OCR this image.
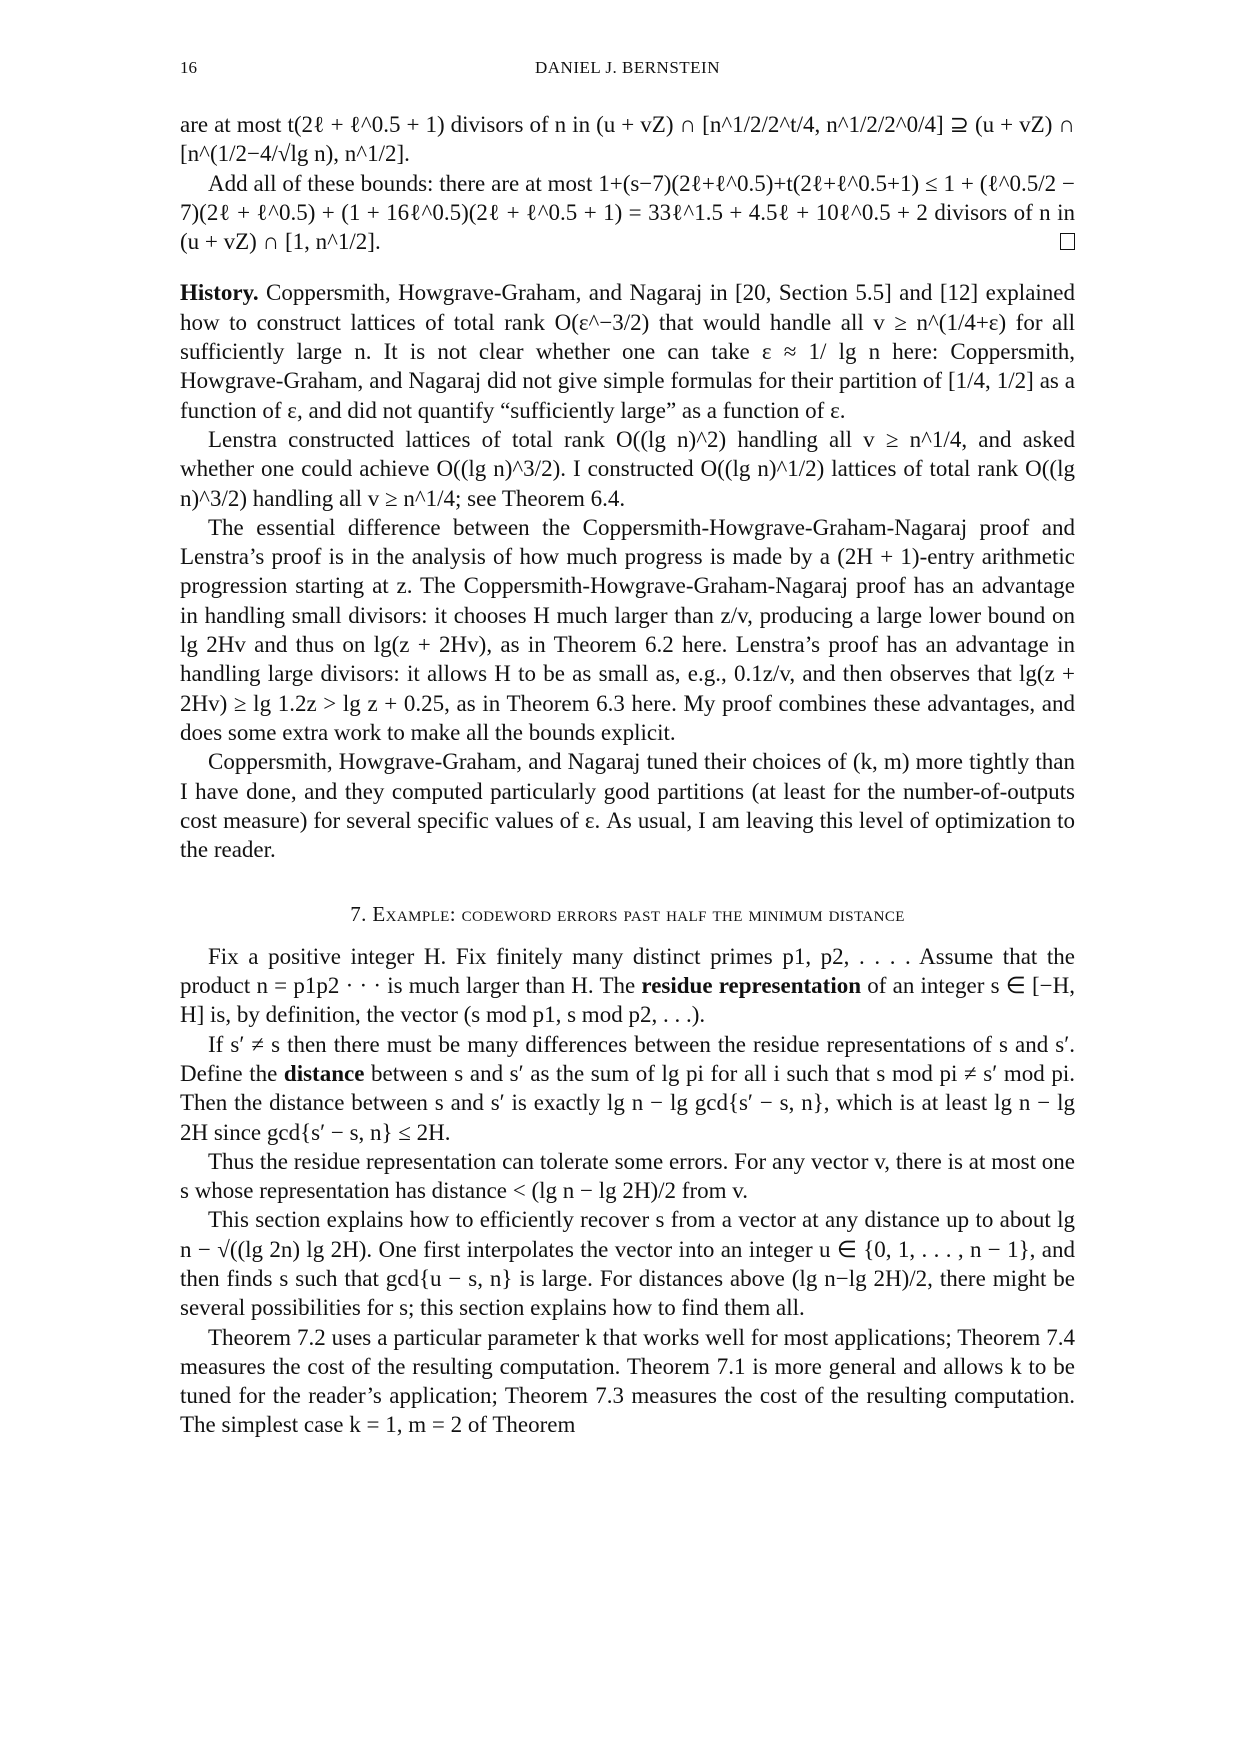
16	DANIEL J. BERNSTEIN

are at most t(2ℓ + ℓ^0.5 + 1) divisors of n in (u + vZ) ∩ [n^1/2/2^t/4, n^1/2/2^0/4] ⊇ (u + vZ) ∩ [n^(1/2−4/√lg n), n^1/2].

Add all of these bounds: there are at most 1+(s−7)(2ℓ+ℓ^0.5)+t(2ℓ+ℓ^0.5+1) ≤ 1 + (ℓ^0.5/2 − 7)(2ℓ + ℓ^0.5) + (1 + 16ℓ^0.5)(2ℓ + ℓ^0.5 + 1) = 33ℓ^1.5 + 4.5ℓ + 10ℓ^0.5 + 2 divisors of n in (u + vZ) ∩ [1, n^1/2].

History. Coppersmith, Howgrave-Graham, and Nagaraj in [20, Section 5.5] and [12] explained how to construct lattices of total rank O(ε^−3/2) that would handle all v ≥ n^(1/4+ε) for all sufficiently large n. It is not clear whether one can take ε ≈ 1/ lg n here: Coppersmith, Howgrave-Graham, and Nagaraj did not give simple formulas for their partition of [1/4, 1/2] as a function of ε, and did not quantify “sufficiently large” as a function of ε.

Lenstra constructed lattices of total rank O((lg n)^2) handling all v ≥ n^1/4, and asked whether one could achieve O((lg n)^3/2). I constructed O((lg n)^1/2) lattices of total rank O((lg n)^3/2) handling all v ≥ n^1/4; see Theorem 6.4.

The essential difference between the Coppersmith-Howgrave-Graham-Nagaraj proof and Lenstra’s proof is in the analysis of how much progress is made by a (2H + 1)-entry arithmetic progression starting at z. The Coppersmith-Howgrave-Graham-Nagaraj proof has an advantage in handling small divisors: it chooses H much larger than z/v, producing a large lower bound on lg 2Hv and thus on lg(z + 2Hv), as in Theorem 6.2 here. Lenstra’s proof has an advantage in handling large divisors: it allows H to be as small as, e.g., 0.1z/v, and then observes that lg(z + 2Hv) ≥ lg 1.2z > lg z + 0.25, as in Theorem 6.3 here. My proof combines these advantages, and does some extra work to make all the bounds explicit.

Coppersmith, Howgrave-Graham, and Nagaraj tuned their choices of (k, m) more tightly than I have done, and they computed particularly good partitions (at least for the number-of-outputs cost measure) for several specific values of ε. As usual, I am leaving this level of optimization to the reader.

7. Example: codeword errors past half the minimum distance

Fix a positive integer H. Fix finitely many distinct primes p1, p2, . . . . Assume that the product n = p1p2 · · · is much larger than H. The residue representation of an integer s ∈ [−H, H] is, by definition, the vector (s mod p1, s mod p2, . . .).

If s′ ≠ s then there must be many differences between the residue representations of s and s′. Define the distance between s and s′ as the sum of lg pi for all i such that s mod pi ≠ s′ mod pi. Then the distance between s and s′ is exactly lg n − lg gcd{s′ − s, n}, which is at least lg n − lg 2H since gcd{s′ − s, n} ≤ 2H.

Thus the residue representation can tolerate some errors. For any vector v, there is at most one s whose representation has distance < (lg n − lg 2H)/2 from v.

This section explains how to efficiently recover s from a vector at any distance up to about lg n − √((lg 2n) lg 2H). One first interpolates the vector into an integer u ∈ {0, 1, . . . , n − 1}, and then finds s such that gcd{u − s, n} is large. For distances above (lg n−lg 2H)/2, there might be several possibilities for s; this section explains how to find them all.

Theorem 7.2 uses a particular parameter k that works well for most applications; Theorem 7.4 measures the cost of the resulting computation. Theorem 7.1 is more general and allows k to be tuned for the reader’s application; Theorem 7.3 measures the cost of the resulting computation. The simplest case k = 1, m = 2 of Theorem
